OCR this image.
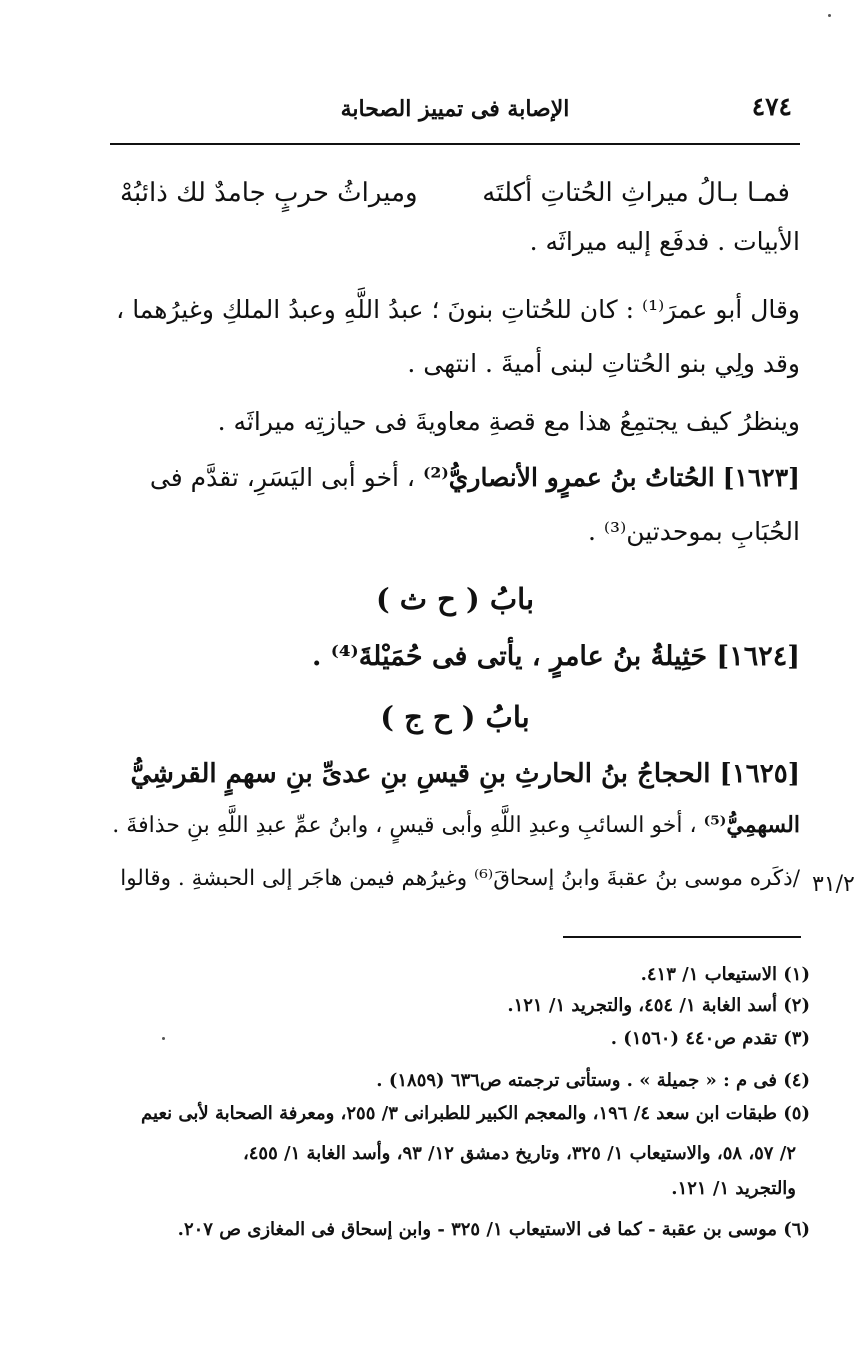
٤٧٤
الإصابة فى تمييز الصحابة
فمـا بـالُ ميراثِ الحُتاتِ أكلتَه
وميراثُ حربٍ جامدٌ لك ذائبُهْ
الأبيات . فدفَع إليه ميراثَه .
وقال أبو عمرَ⁽¹⁾ : كان للحُتاتِ بنونَ ؛ عبدُ اللَّهِ وعبدُ الملكِ وغيرُهما ،
وقد ولِي بنو الحُتاتِ لبنى أميةَ . انتهى .
وينظرُ كيف يجتمِعُ هذا مع قصةِ معاويةَ فى حيازتِه ميراثَه .
[١٦٢٣] الحُتاتُ بنُ عمرٍو الأنصاريُّ⁽²⁾ ، أخو أبى اليَسَرِ، تقدَّم فى
الحُبَابِ بموحدتين⁽³⁾ .
بابُ ( ح ث )
[١٦٢٤] حَثِيلةُ بنُ عامرٍ ، يأتى فى حُمَيْلةَ⁽⁴⁾ .
بابُ ( ح ج )
[١٦٢٥] الحجاجُ بنُ الحارثِ بنِ قيسِ بنِ عدىِّ بنِ سهمٍ القرشِيُّ
السهمِيُّ⁽⁵⁾ ، أخو السائبِ وعبدِ اللَّهِ وأبى قيسٍ ، وابنُ عمِّ عبدِ اللَّهِ بنِ حذافةَ .
/ذكَره موسى بنُ عقبةَ وابنُ إسحاقَ⁽⁶⁾ وغيرُهم فيمن هاجَر إلى الحبشةِ . وقالوا ٣١/٢
(١) الاستيعاب ١/ ٤١٣.
(٢) أسد الغابة ١/ ٤٥٤، والتجريد ١/ ١٢١.
(٣) تقدم ص٤٤٠ (١٥٦٠) .
(٤) فى م : « جميلة » . وستأتى ترجمته ص٦٣٦ (١٨٥٩) .
(٥) طبقات ابن سعد ٤/ ١٩٦، والمعجم الكبير للطبرانى ٣/ ٢٥٥، ومعرفة الصحابة لأبى نعيم
٢/ ٥٧، ٥٨، والاستيعاب ١/ ٣٢٥، وتاريخ دمشق ١٢/ ٩٣، وأسد الغابة ١/ ٤٥٥،
والتجريد ١/ ١٢١.
(٦) موسى بن عقبة - كما فى الاستيعاب ١/ ٣٢٥ - وابن إسحاق فى المغازى ص ٢٠٧.
